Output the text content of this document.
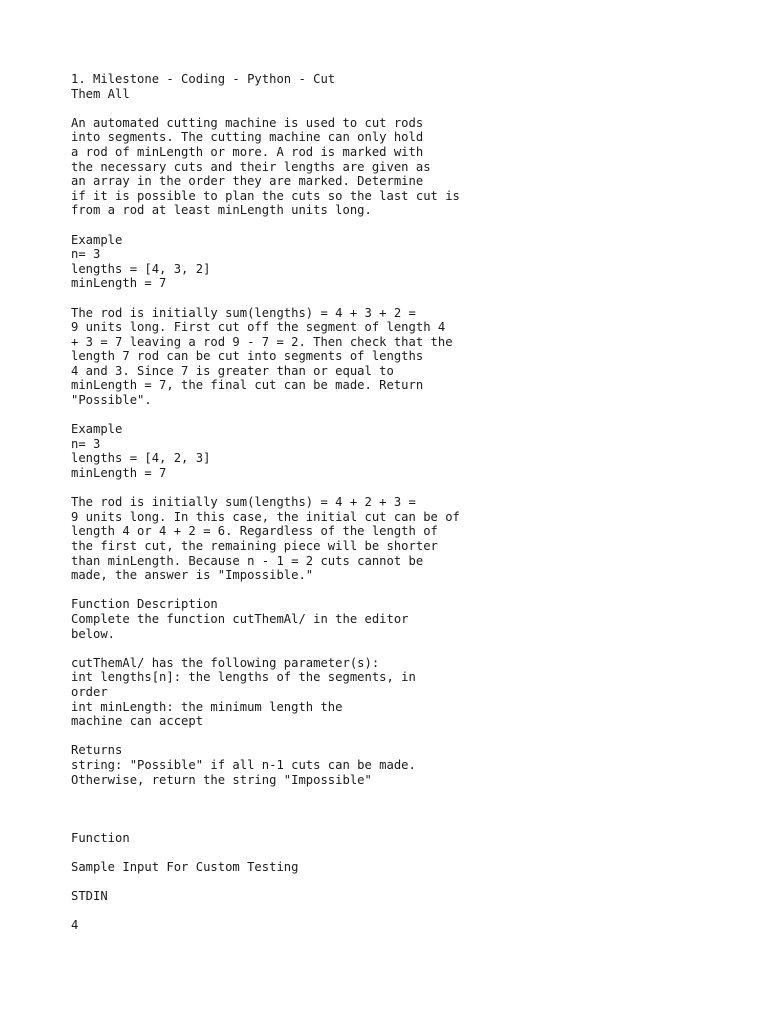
1. Milestone - Coding - Python - Cut
Them All
An automated cutting machine is used to cut rods
into segments. The cutting machine can only hold
a rod of minLength or more. A rod is marked with
the necessary cuts and their lengths are given as
an array in the order they are marked. Determine
if it is possible to plan the cuts so the last cut is
from a rod at least minLength units long.
Example
n= 3
lengths = [4, 3, 2]
minLength = 7
The rod is initially sum(lengths) = 4 + 3 + 2 =
9 units long. First cut off the segment of length 4
+ 3 = 7 leaving a rod 9 - 7 = 2. Then check that the
length 7 rod can be cut into segments of lengths
4 and 3. Since 7 is greater than or equal to
minLength = 7, the final cut can be made. Return
"Possible".
Example
n= 3
lengths = [4, 2, 3]
minLength = 7
The rod is initially sum(lengths) = 4 + 2 + 3 =
9 units long. In this case, the initial cut can be of
length 4 or 4 + 2 = 6. Regardless of the length of
the first cut, the remaining piece will be shorter
than minLength. Because n - 1 = 2 cuts cannot be
made, the answer is "Impossible."
Function Description
Complete the function cutThemAl/ in the editor
below.
cutThemAl/ has the following parameter(s):
int lengths[n]: the lengths of the segments, in
order
int minLength: the minimum length the
machine can accept
Returns
string: "Possible" if all n-1 cuts can be made.
Otherwise, return the string "Impossible"
Function
Sample Input For Custom Testing
STDIN
4
